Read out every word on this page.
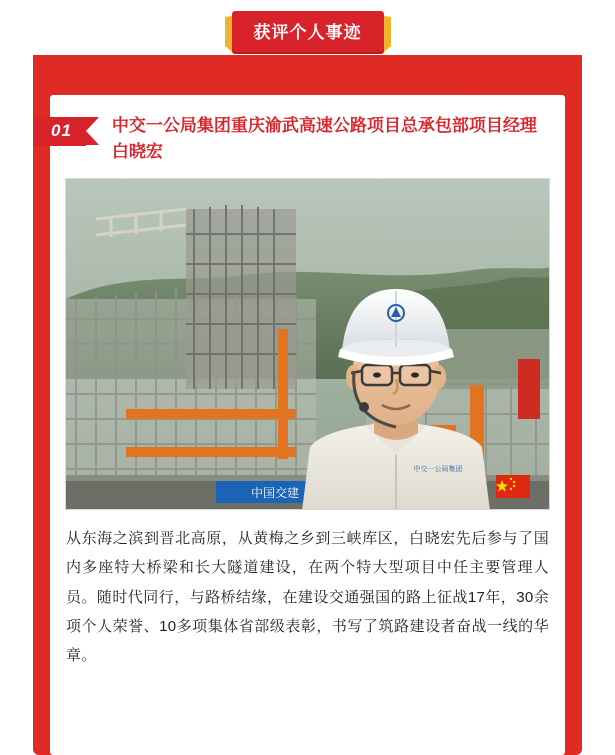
获评个人事迹
01	中交一公局集团重庆渝武高速公路项目总承包部项目经理白晓宏
中国交建
中交一公局集团
从东海之滨到晋北高原，从黄梅之乡到三峡库区，白晓宏先后参与了国内多座特大桥梁和长大隧道建设，在两个特大型项目中任主要管理人员。随时代同行，与路桥结缘，在建设交通强国的路上征战17年，30余项个人荣誉、10多项集体省部级表彰，书写了筑路建设者奋战一线的华章。
